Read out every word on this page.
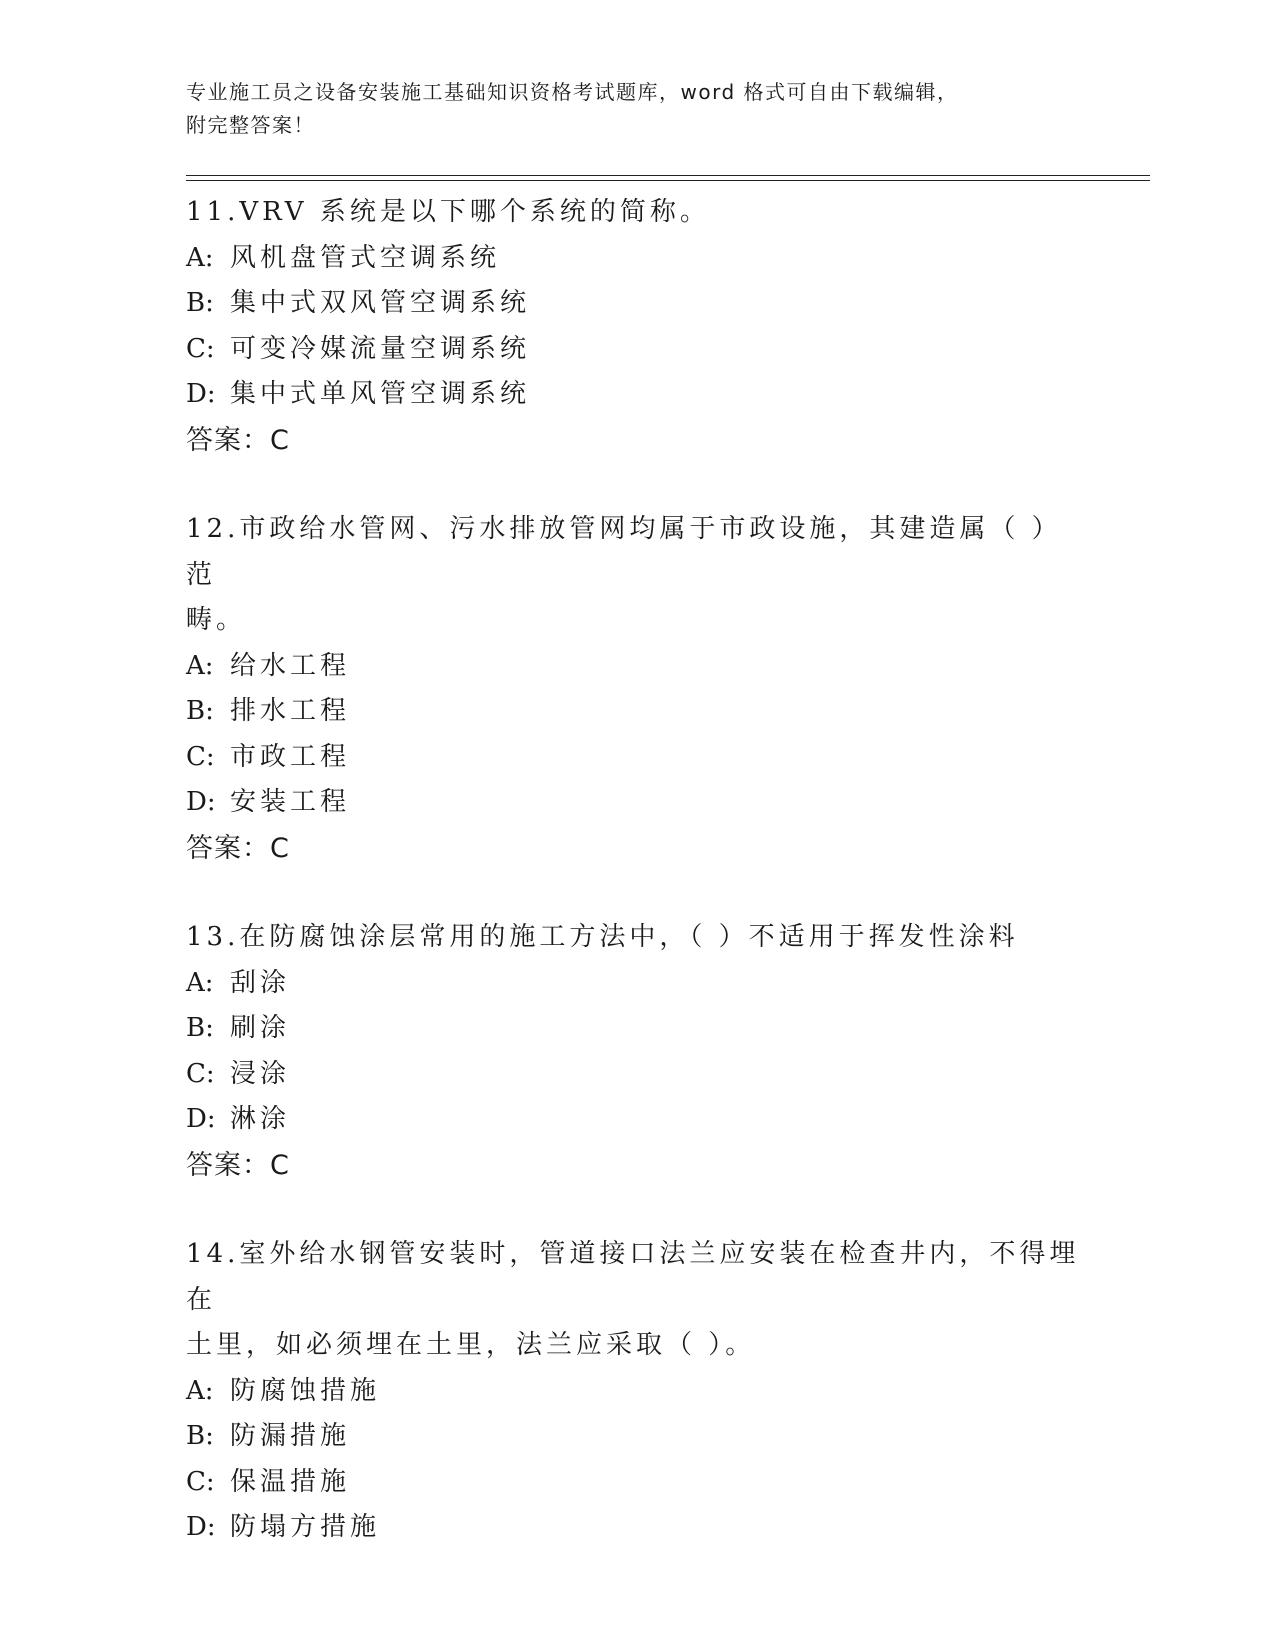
专业施工员之设备安装施工基础知识资格考试题库，word 格式可自由下载编辑，
附完整答案！
11.VRV 系统是以下哪个系统的简称。
A: 风机盘管式空调系统
B: 集中式双风管空调系统
C: 可变冷媒流量空调系统
D: 集中式单风管空调系统
答案：C
12.市政给水管网、污水排放管网均属于市政设施，其建造属（ ）范
畴。
A: 给水工程
B: 排水工程
C: 市政工程
D: 安装工程
答案：C
13.在防腐蚀涂层常用的施工方法中，（ ）不适用于挥发性涂料
A: 刮涂
B: 刷涂
C: 浸涂
D: 淋涂
答案：C
14.室外给水钢管安装时，管道接口法兰应安装在检查井内，不得埋在
土里，如必须埋在土里，法兰应采取（ ）。
A: 防腐蚀措施
B: 防漏措施
C: 保温措施
D: 防塌方措施
